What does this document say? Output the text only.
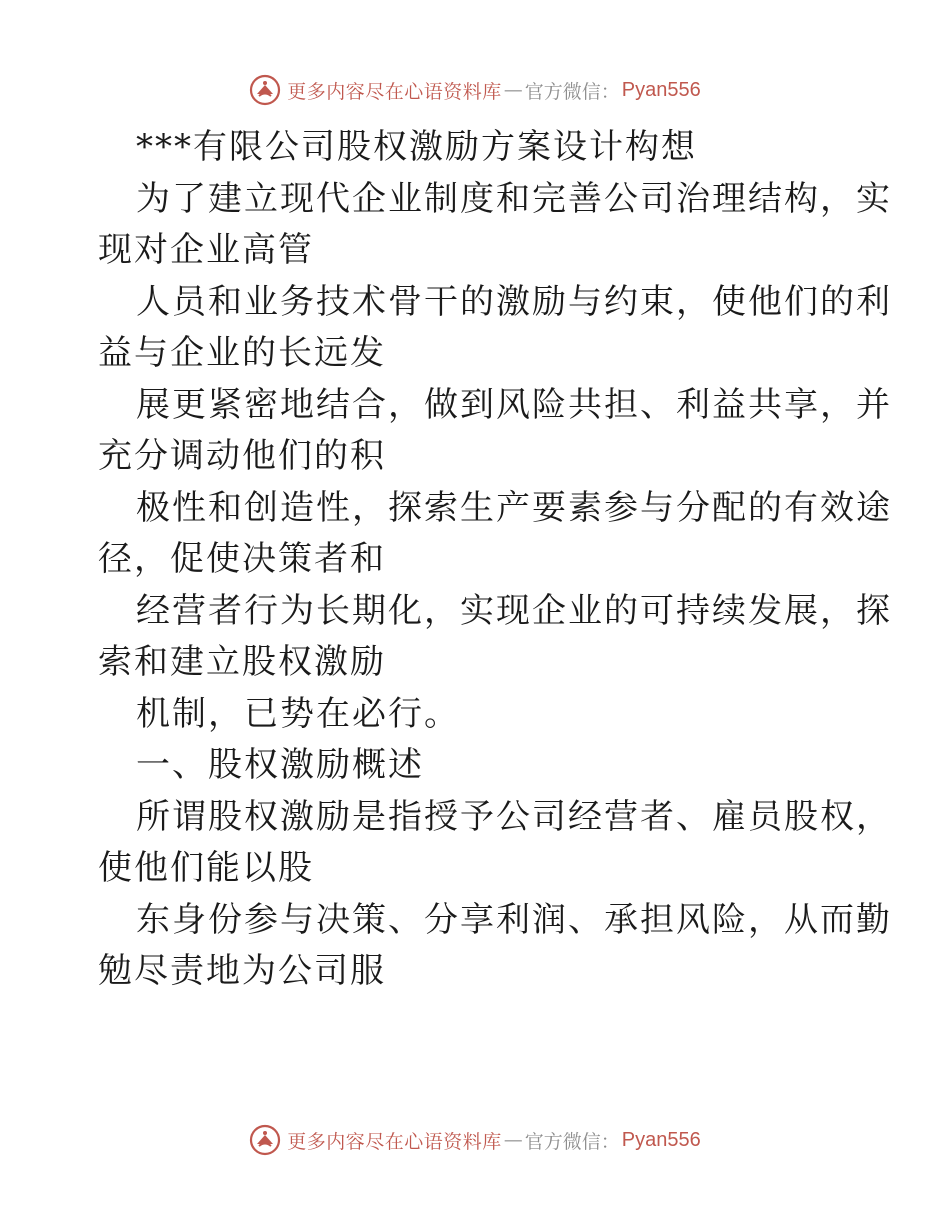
更多内容尽在心语资料库 — 官方微信： Pyan556
***有限公司股权激励方案设计构想
为了建立现代企业制度和完善公司治理结构，实
现对企业高管
人员和业务技术骨干的激励与约束，使他们的利
益与企业的长远发
展更紧密地结合，做到风险共担、利益共享，并
充分调动他们的积
极性和创造性，探索生产要素参与分配的有效途
径，促使决策者和
经营者行为长期化，实现企业的可持续发展，探
索和建立股权激励
机制，已势在必行。
一、股权激励概述
所谓股权激励是指授予公司经营者、雇员股权，
使他们能以股
东身份参与决策、分享利润、承担风险，从而勤
勉尽责地为公司服
更多内容尽在心语资料库 — 官方微信： Pyan556
